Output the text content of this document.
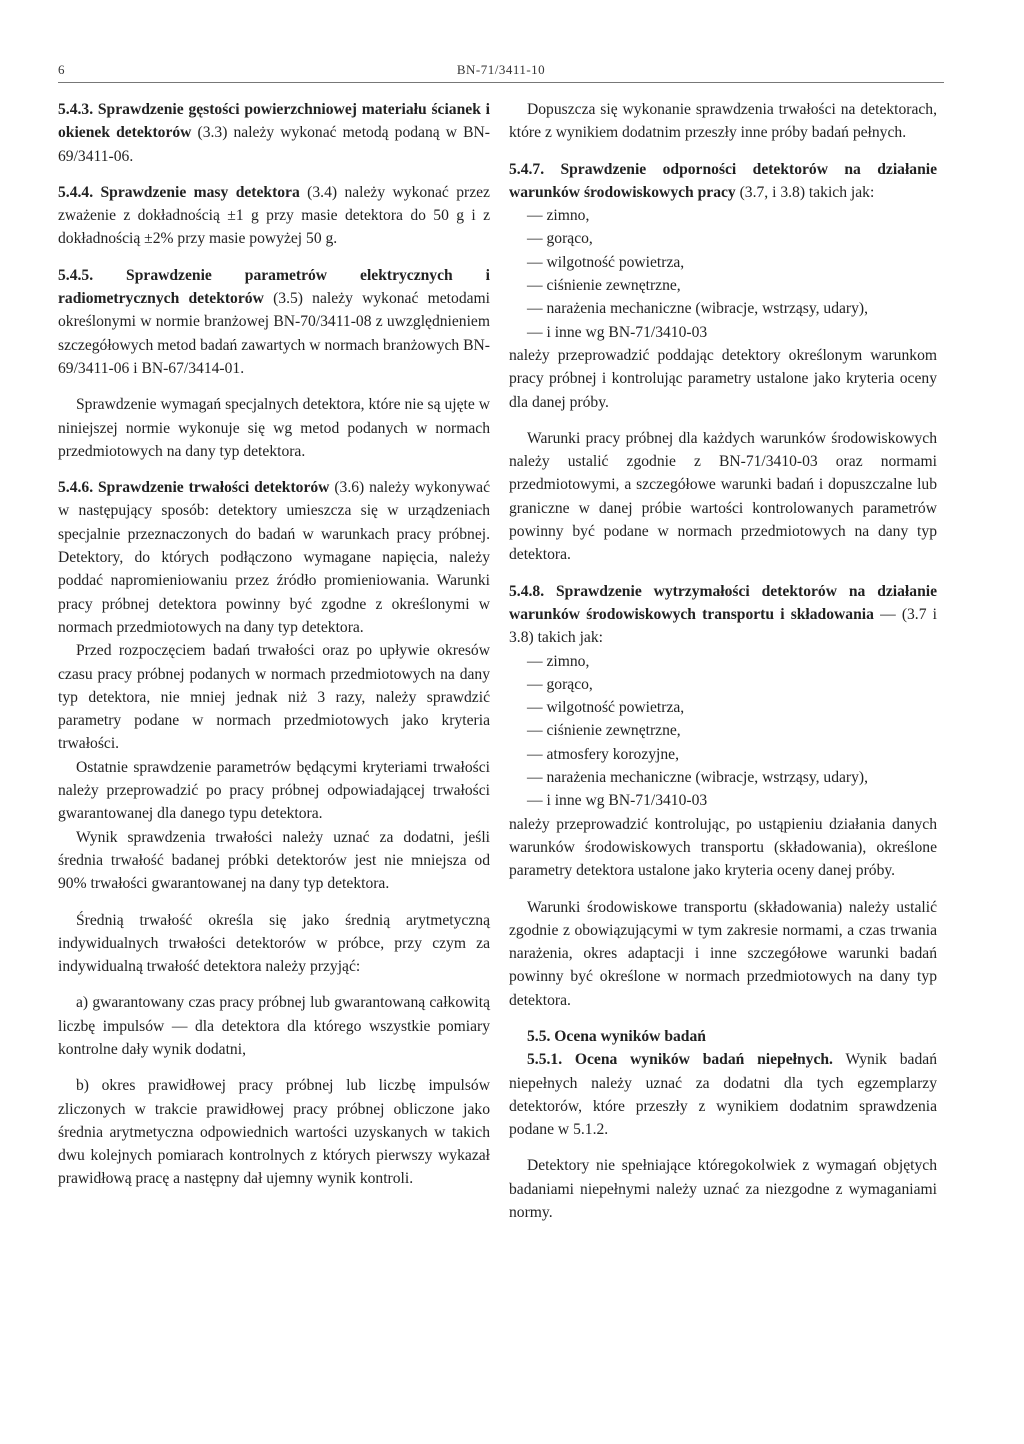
6	BN-71/3411-10

5.4.3. Sprawdzenie gęstości powierzchniowej materiału ścianek i okienek detektorów (3.3) należy wykonać metodą podaną w BN-69/3411-06.

5.4.4. Sprawdzenie masy detektora (3.4) należy wykonać przez zważenie z dokładnością ±1 g przy masie detektora do 50 g i z dokładnością ±2% przy masie powyżej 50 g.

5.4.5. Sprawdzenie parametrów elektrycznych i radiometrycznych detektorów (3.5) należy wykonać metodami określonymi w normie branżowej BN-70/3411-08 z uwzględnieniem szczegółowych metod badań zawartych w normach branżowych BN-69/3411-06 i BN-67/3414-01.

Sprawdzenie wymagań specjalnych detektora, które nie są ujęte w niniejszej normie wykonuje się wg metod podanych w normach przedmiotowych na dany typ detektora.

5.4.6. Sprawdzenie trwałości detektorów (3.6) należy wykonywać w następujący sposób: detektory umieszcza się w urządzeniach specjalnie przeznaczonych do badań w warunkach pracy próbnej. Detektory, do których podłączono wymagane napięcia, należy poddać napromieniowaniu przez źródło promieniowania. Warunki pracy próbnej detektora powinny być zgodne z określonymi w normach przedmiotowych na dany typ detektora.

Przed rozpoczęciem badań trwałości oraz po upływie okresów czasu pracy próbnej podanych w normach przedmiotowych na dany typ detektora, nie mniej jednak niż 3 razy, należy sprawdzić parametry podane w normach przedmiotowych jako kryteria trwałości.

Ostatnie sprawdzenie parametrów będącymi kryteriami trwałości należy przeprowadzić po pracy próbnej odpowiadającej trwałości gwarantowanej dla danego typu detektora.

Wynik sprawdzenia trwałości należy uznać za dodatni, jeśli średnia trwałość badanej próbki detektorów jest nie mniejsza od 90% trwałości gwarantowanej na dany typ detektora.

Średnią trwałość określa się jako średnią arytmetyczną indywidualnych trwałości detektorów w próbce, przy czym za indywidualną trwałość detektora należy przyjąć:

a) gwarantowany czas pracy próbnej lub gwarantowaną całkowitą liczbę impulsów — dla detektora dla którego wszystkie pomiary kontrolne dały wynik dodatni,

b) okres prawidłowej pracy próbnej lub liczbę impulsów zliczonych w trakcie prawidłowej pracy próbnej obliczone jako średnia arytmetyczna odpowiednich wartości uzyskanych w takich dwu kolejnych pomiarach kontrolnych z których pierwszy wykazał prawidłową pracę a następny dał ujemny wynik kontroli.

Dopuszcza się wykonanie sprawdzenia trwałości na detektorach, które z wynikiem dodatnim przeszły inne próby badań pełnych.

5.4.7. Sprawdzenie odporności detektorów na działanie warunków środowiskowych pracy (3.7, i 3.8) takich jak:

— zimno,

— gorąco,

— wilgotność powietrza,

— ciśnienie zewnętrzne,

— narażenia mechaniczne (wibracje, wstrząsy, udary),

— i inne wg BN-71/3410-03

należy przeprowadzić poddając detektory określonym warunkom pracy próbnej i kontrolując parametry ustalone jako kryteria oceny dla danej próby.

Warunki pracy próbnej dla każdych warunków środowiskowych należy ustalić zgodnie z BN-71/3410-03 oraz normami przedmiotowymi, a szczegółowe warunki badań i dopuszczalne lub graniczne w danej próbie wartości kontrolowanych parametrów powinny być podane w normach przedmiotowych na dany typ detektora.

5.4.8. Sprawdzenie wytrzymałości detektorów na działanie warunków środowiskowych transportu i składowania — (3.7 i 3.8) takich jak:

— zimno,

— gorąco,

— wilgotność powietrza,

— ciśnienie zewnętrzne,

— atmosfery korozyjne,

— narażenia mechaniczne (wibracje, wstrząsy, udary),

— i inne wg BN-71/3410-03

należy przeprowadzić kontrolując, po ustąpieniu działania danych warunków środowiskowych transportu (składowania), określone parametry detektora ustalone jako kryteria oceny danej próby.

Warunki środowiskowe transportu (składowania) należy ustalić zgodnie z obowiązującymi w tym zakresie normami, a czas trwania narażenia, okres adaptacji i inne szczegółowe warunki badań powinny być określone w normach przedmiotowych na dany typ detektora.

5.5. Ocena wyników badań

5.5.1. Ocena wyników badań niepełnych. Wynik badań niepełnych należy uznać za dodatni dla tych egzemplarzy detektorów, które przeszły z wynikiem dodatnim sprawdzenia podane w 5.1.2.

Detektory nie spełniające któregokolwiek z wymagań objętych badaniami niepełnymi należy uznać za niezgodne z wymaganiami normy.
